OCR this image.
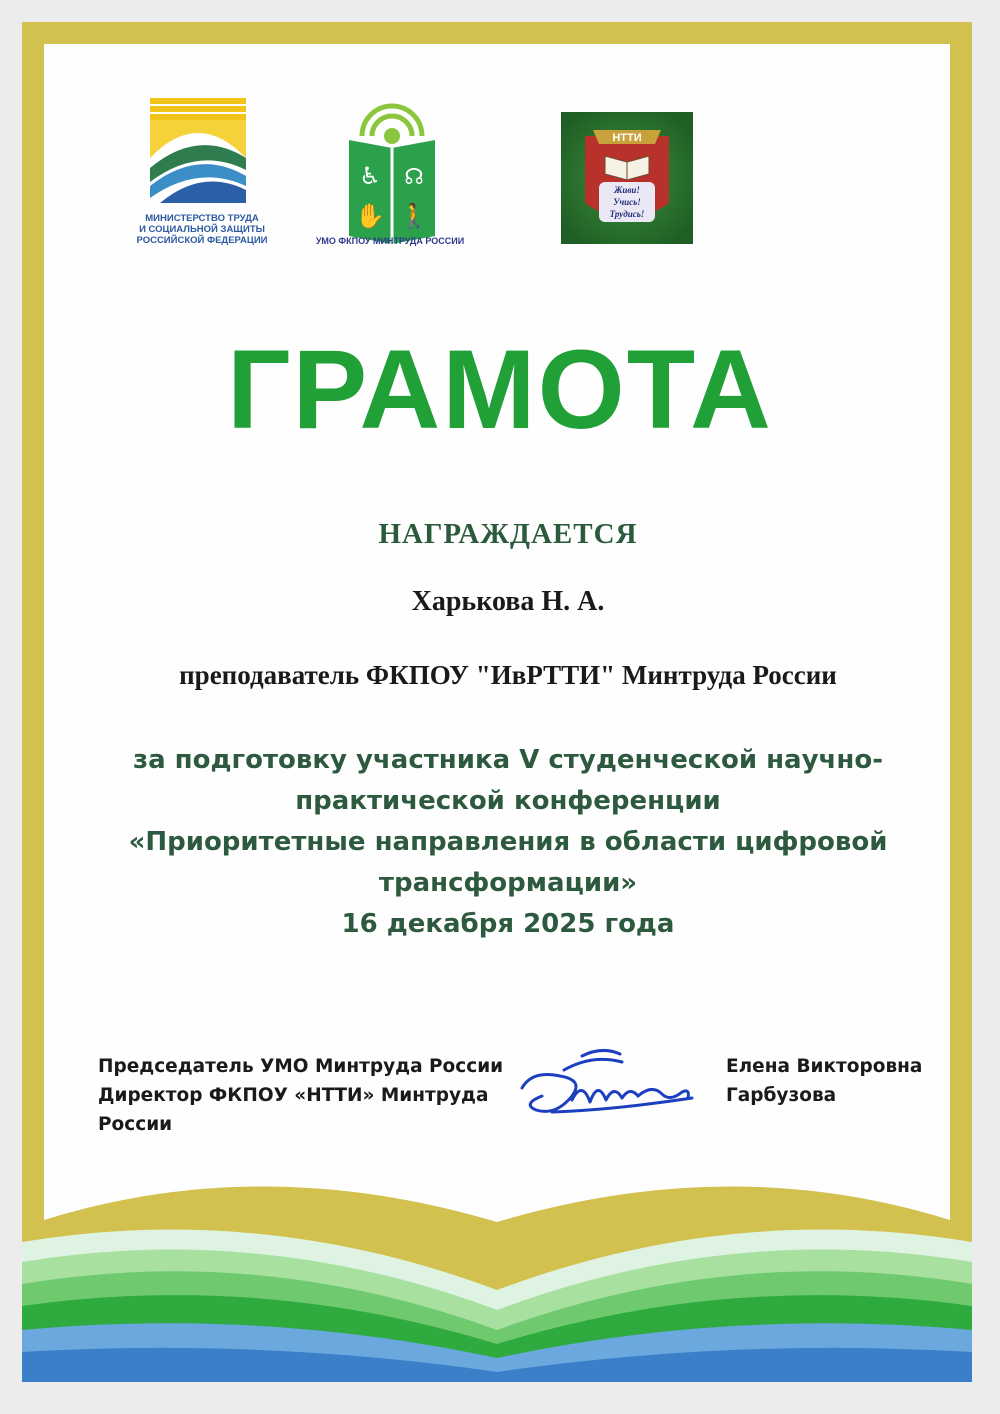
МИНИСТЕРСТВО ТРУДА
И СОЦИАЛЬНОЙ ЗАЩИТЫ
РОССИЙСКОЙ ФЕДЕРАЦИИ
♿ ☊
✋ 🚶
УМО ФКПОУ МИНТРУДА РОССИИ
НТТИ
Живи!
Учись!
Трудись!
ГРАМОТА
НАГРАЖДАЕТСЯ
Харькова Н. А.
преподаватель ФКПОУ "ИвРТТИ" Минтруда России
за подготовку участника V студенческой научно-
практической конференции
«Приоритетные направления в области цифровой
трансформации»
16 декабря 2025 года
Председатель УМО Минтруда России
Директор ФКПОУ «НТТИ» Минтруда
России
Елена Викторовна
Гарбузова
